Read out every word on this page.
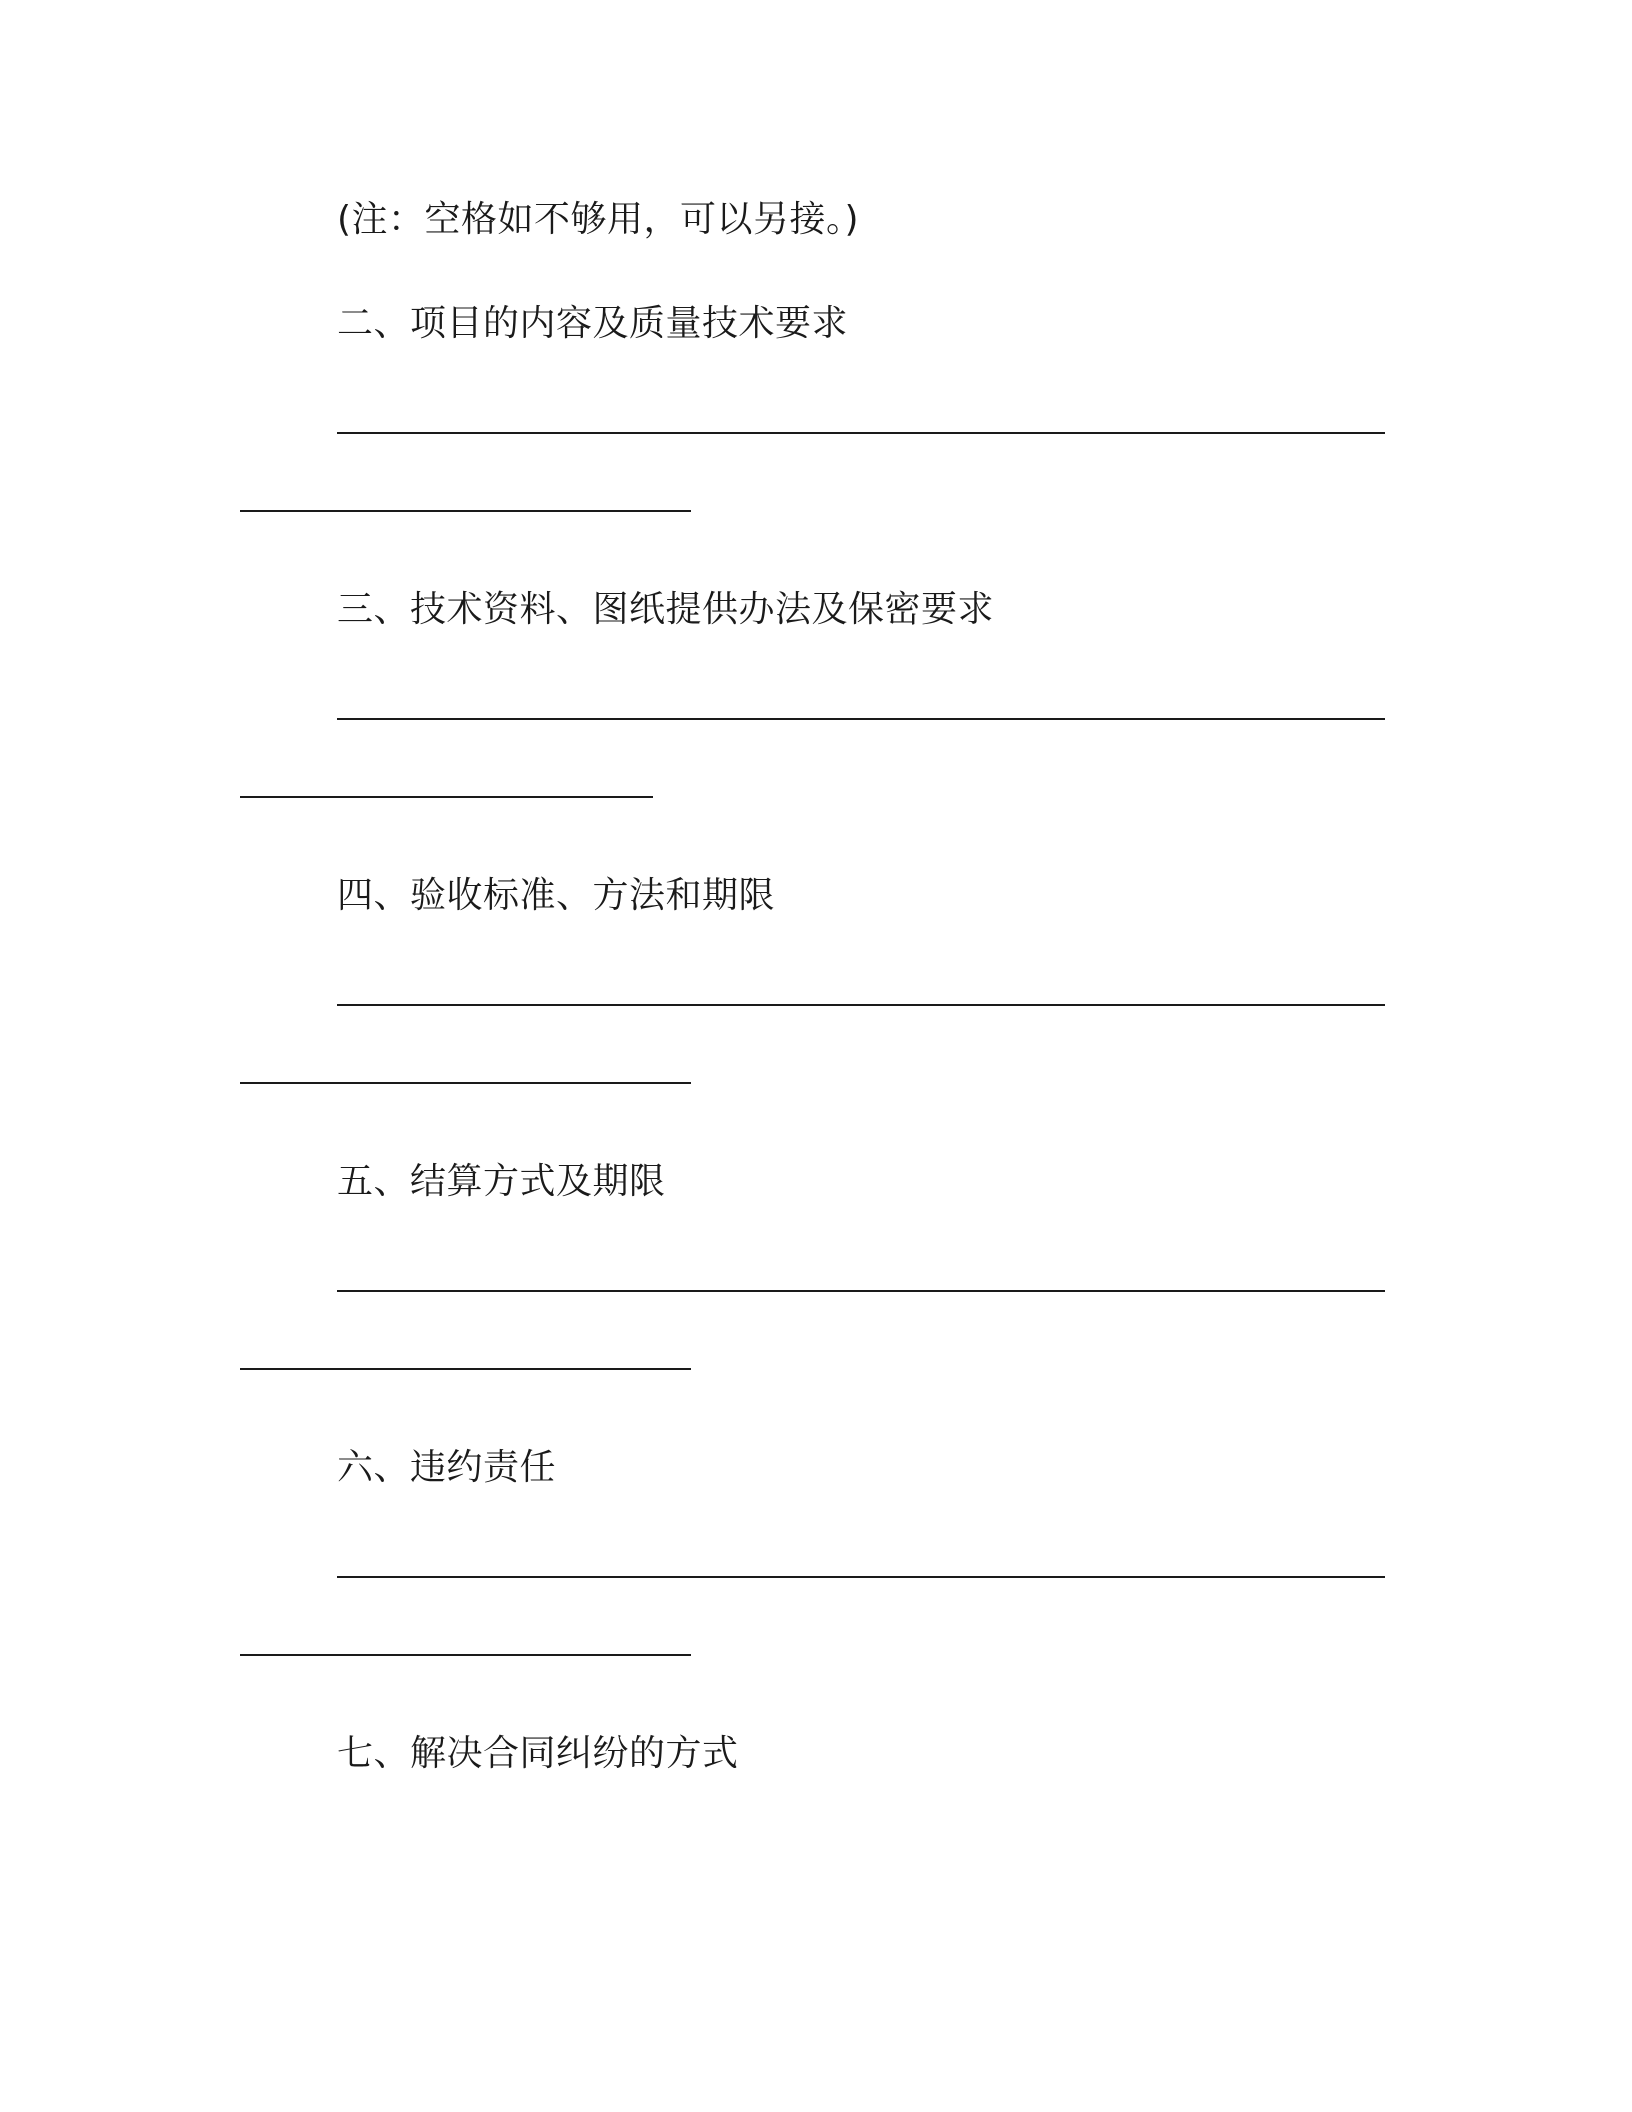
(注：空格如不够用，可以另接。)
二、项目的内容及质量技术要求
三、技术资料、图纸提供办法及保密要求
四、验收标准、方法和期限
五、结算方式及期限
六、违约责任
七、解决合同纠纷的方式
